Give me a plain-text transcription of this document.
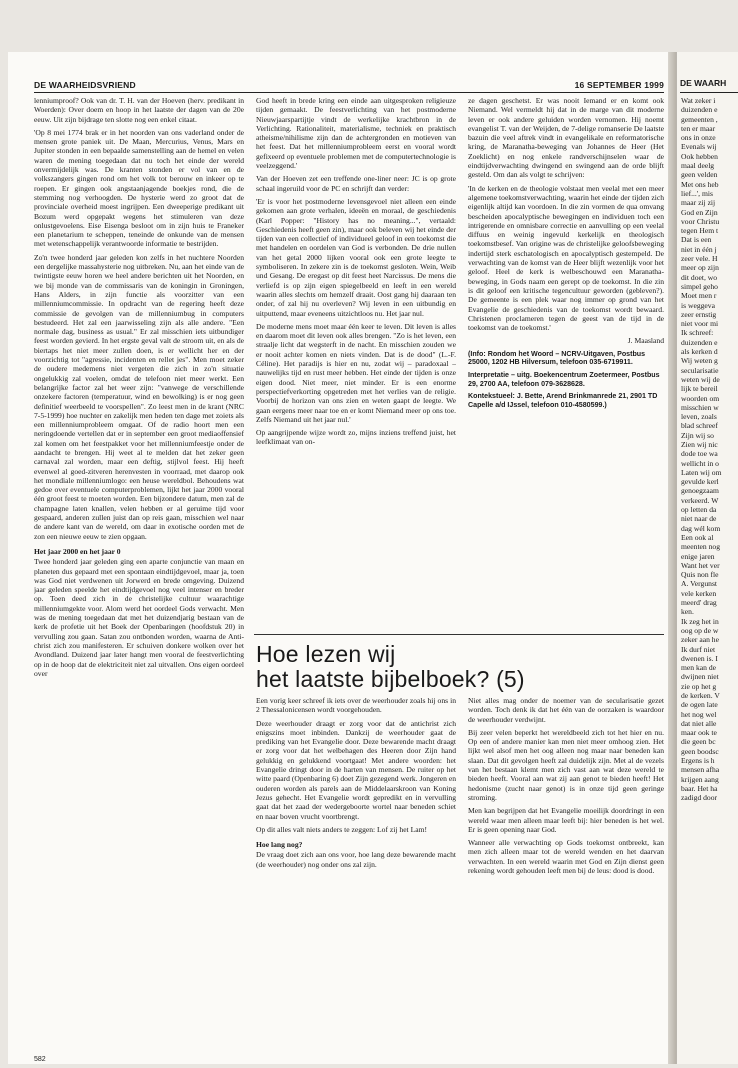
DE WAARHEIDSVRIEND	16 SEPTEMBER 1999

lenniumproof? Ook van dr. T. H. van der Hoeven (herv. predikant in Woerden): Over doem en hoop in het laatste der dagen van de 20e eeuw. Uit zijn bijdrage ten slotte nog een enkel citaat.

'Op 8 mei 1774 brak er in het noorden van ons vaderland onder de mensen grote paniek uit. De Maan, Mercurius, Venus, Mars en Jupiter stonden in een bepaalde samenstelling aan de hemel en velen waren de mening toegedaan dat nu toch het einde der wereld onvermijdelijk was. De kranten stonden er vol van en de volkszangers gingen rond om het volk tot berouw en inkeer op te roepen. Er gingen ook angstaanjagende boekjes rond, die de stemming nog verhoogden. De hysterie werd zo groot dat de provinciale overheid moest ingrijpen. Een dweeperige predikant uit Bozum werd opgepakt wegens het stimuleren van deze onlustgevoelens. Eise Eisenga besloot om in zijn huis te Franeker een planetarium te scheppen, teneinde de onkunde van de mensen met wetenschappelijk verantwoorde informatie te bestrijden.

Zo'n twee honderd jaar geleden kon zelfs in het nuchtere Noorden een dergelijke massahysterie nog uitbreken. Nu, aan het einde van de twintigste eeuw horen we heel andere berichten uit het Noorden, en we bij monde van de commissaris van de koningin in Groningen, Hans Alders, in zijn functie als voorzitter van een millenniumcommissie. In opdracht van de regering heeft deze commissie de gevolgen van de millenniumbug in computers bestudeerd. Het zal een jaarwisseling zijn als alle andere. "Een normale dag, business as usual." Er zal misschien iets uitbundiger feest worden gevierd. In het ergste geval valt de stroom uit, en als de biertaps het niet meer zullen doen, is er wellicht her en der voorzichtig tot "agressie, incidenten en rellet jes". Men moet zeker de oudere medemens niet vergeten die zich in zo'n situatie ongelukkig zal voelen, omdat de telefoon niet meer werkt. Een belangrijke factor zal het weer zijn: "vanwege de verschillende onzekere factoren (temperatuur, wind en bewolking) is er nog geen definitief weerbeeld te voorspellen". Zo leest men in de krant (NRC 7-5-1999) hoe nuchter en zakelijk men heden ten dage met zoiets als een millenniumprobleem omgaat. Of de radio hoort men een neringdoende vertellen dat er in september een groot mediaoffensief zal komen om het feestpakket voor het millenniumfeestje onder de aandacht te brengen. Hij weet al te melden dat het zeker geen carnaval zal worden, maar een deftig, stijlvol feest. Hij heeft evenwel al goed-zitveren herenvesten in voorraad, met daarop ook het mondiale millenniumlogo: een heuse wereldbol. Behoudens wat gedoe over eventuele computerproblemen, lijkt het jaar 2000 vooral één groot feest te moeten worden. Een bijzondere datum, men zal de champagne laten knallen, velen hebben er al geruime tijd voor gespaard, anderen zullen juist dan op reis gaan, misschien wel naar de andere kant van de wereld, om daar in exotische oorden met de zon een nieuwe eeuw te zien opgaan.

Het jaar 2000 en het jaar 0

Twee honderd jaar geleden ging een aparte conjunctie van maan en planeten dus gepaard met een spontaan eindtijdgevoel, maar ja, toen was God niet verdwenen uit Jorwerd en brede omgeving. Duizend jaar geleden speelde het eindtijdgevoel nog veel intenser en breder op. Toen deed zich in de christelijke cultuur waarachtige millenniumgekte voor. Alom werd het oordeel Gods verwacht. Men was de mening toegedaan dat met het duizendjarig bestaan van de kerk de profetie uit het Boek der Openbaringen (hoofdstuk 20) in vervulling zou gaan. Satan zou ontbonden worden, waarna de Anti-christ zich zou manifesteren. Er schuiven donkere wolken over het Avondland. Duizend jaar later hangt men vooral de feestverlichting op in de hoop dat de elektriciteit niet zal uitvallen. Ons eigen oordeel over

God heeft in brede kring een einde aan uitgesproken religieuze tijden gemaakt. De feestverlichting van het postmoderne Nieuwjaarspartijtje vindt de werkelijke krachtbron in de Verlichting. Rationaliteit, materialisme, techniek en praktisch atheisme/nihilisme zijn dan de achtergronden en motieven van het feest. Dat het millenniumprobleem eerst en vooral wordt gefixeerd op eventuele problemen met de computertechnologie is veelzeggend.'

Van der Hoeven zet een treffende one-liner neer: JC is op grote schaal ingeruild voor de PC en schrijft dan verder:

'Er is voor het postmoderne levensgevoel niet alleen een einde gekomen aan grote verhalen, ideeën en moraal, de geschiedenis (Karl Popper: "History has no meaning...", vertaald: Geschiedenis heeft geen zin), maar ook beleven wij het einde der tijden van een collectief of individueel geloof in een toekomst die met handelen en oordelen van God is verbonden. De drie nullen van het getal 2000 lijken vooral ook een grote leegte te symboliseren. In zekere zin is de toekomst gesloten. Wein, Weib und Gesang. De eregast op dit feest heet Narcissus. De mens die verliefd is op zijn eigen spiegelbeeld en leeft in een wereld waarin alles slechts om hemzelf draait. Oost gang hij daaraan ten onder, of zal hij nu overleven? Wij leven in een uitbundig en uitputtend, maar eveneens uitzichtloos nu. Het jaar nul.

De moderne mens moet maar één keer te leven. Dit leven is alles en daarom moet dit leven ook alles brengen. "Zo is het leven, een straalje licht dat wegsterft in de nacht. En misschien zouden we er nooit achter komen en niets vinden. Dat is de dood" (L.-F. Céline). Het paradijs is hier en nu, zodat wij – paradoxaal – nauwelijks tijd en rust meer hebben. Het einde der tijden is onze eigen dood. Niet meer, niet minder. Er is een enorme perspectiefverkorting opgetreden met het verlies van de religie. Voorbij de horizon van ons zien en weten gaapt de leegte. We gaan eergens meer naar toe en er komt Niemand meer op ons toe. Zelfs Niemand uit het jaar nul.'

Op aangrijpende wijze wordt zo, mijns inziens treffend juist, het leefklimaat van on-

ze dagen geschetst. Er was nooit Iemand er en komt ook Niemand. Wel vermeldt hij dat in de marge van dit moderne leven er ook andere geluiden worden vernomen. Hij noemt evangelist T. van der Weijden, de 7-delige romanserie De laatste bazuin die veel aftrek vindt in evangelikale en reformatorische kring, de Maranatha-beweging van Johannes de Heer (Het Zoeklicht) en nog enkele randverschijnselen waar de eindtijdverwachting dwingend en swingend aan de orde blijft gesteld. Om dan als volgt te schrijven:

'In de kerken en de theologie volstaat men veelal met een meer algemene toekomstverwachting, waarin het einde der tijden zich eigenlijk altijd kan voordoen. In die zin vormen de qua omvang bescheiden apocalyptische bewegingen en individuen toch een intrigerende en omnisbare correctie en aanvulling op een veelal diffuus en weinig ingevuld kerkelijk en theologisch toekomstbesef. Van origine was de christelijke geloofsbeweging indertijd sterk eschatologisch en apocalyptisch gestempeld. De verwachting van de komst van de Heer blijft wezenlijk voor het geloof. Heel de kerk is welbeschouwd een Maranatha-beweging, in Gods naam een gerept op de toekomst. In die zin is dit geloof een kritische tegencultuur geworden (gebleven?). De gemeente is een plek waar nog immer op grond van het Evangelie de geschiedenis van de toekomst wordt bewaard. Christenen proclameren tegen de geest van de tijd in de toekomst van de toekomst.'

J. Maasland

(Info: Rondom het Woord – NCRV-Uitgaven, Postbus 25000, 1202 HB Hilversum, telefoon 035-6719911.

Interpretatie – uitg. Boekencentrum Zoetermeer, Postbus 29, 2700 AA, telefoon 079-3628628.

Kontekstueel: J. Bette, Arend Brinkmanrede 21, 2901 TD Capelle a/d IJssel, telefoon 010-4580599.)

Hoe lezen wij
het laatste bijbelboek? (5)

Een vorig keer schreef ik iets over de weerhouder zoals hij ons in 2 Thessalonicensen wordt voorgehouden.

Deze weerhouder draagt er zorg voor dat de antichrist zich enigszins moet inbinden. Dankzij de weerhouder gaat de prediking van het Evangelie door. Deze bewarende macht draagt er zorg voor dat het welbehagen des Heeren door Zijn hand gelukkig en gelukkend voortgaat! Met andere woorden: het Evangelie dringt door in de harten van mensen. De ruiter op het witte paard (Openbaring 6) doet Zijn gezegend werk. Jongeren en ouderen worden als parels aan de Middelaarskroon van Koning Jezus gehecht. Het Evangelie wordt gepredikt en in vervulling gaat dat het zaad der wedergeboorte wortel naar beneden schiet en naar boven vrucht voortbrengt.

Op dit alles valt niets anders te zeggen: Lof zij het Lam!

Hoe lang nog?

De vraag doet zich aan ons voor, hoe lang deze bewarende macht (de weerhouder) nog onder ons zal zijn.

Niet alles mag onder de noemer van de secularisatie gezet worden. Toch denk ik dat het één van de oorzaken is waardoor de weerhouder verdwijnt.

Bij zeer velen beperkt het wereldbeeld zich tot het hier en nu. Op een of andere manier kan men niet meer omhoog zien. Het lijkt wel alsof men het oog alleen nog maar naar beneden kan slaan. Dat dit gevolgen heeft zal duidelijk zijn. Met al de vezels van het bestaan klemt men zich vast aan wat deze wereld te bieden heeft. Vooral aan wat zij aan genot te bieden heeft! Het hedonisme (zucht naar genot) is in onze tijd geen geringe stroming.

Men kan begrijpen dat het Evangelie moeilijk doordringt in een wereld waar men alleen maar leeft bij: hier beneden is het wel. Er is geen opening naar God.

Wanneer alle verwachting op Gods toekomst ontbreekt, kan men zich alleen maar tot de wereld wenden en het daarvan verwachten. In een wereld waarin met God en Zijn dienst geen rekening wordt gehouden leeft men bij de leus: dood is dood.

582
DE WAARH
Wat zeker i
duizenden e
gemeenten ,
ten er maar
ons in onze
Evenals wij
Ook hebben
maal deelg
geen velden
Met ons heb
lief...', mis
maar zij zij
God en Zijn
voor Christu
tegen Hem t
Dat is een
niet in één j
zeer vele. H
meer op zijn
dit doet, wo
simpel geho
Moet men r
is weggeva
zeer ernstig
niet voor mi
Ik schreef:
duizenden e
als kerken d
Wij weten g
secularisatie
weten wij de
lijk te bereil
woorden om
misschien w
leven, zoals
blad schreef
Zijn wij so
Zien wij nic
dode toe wa
wellicht in o
Laten wij om
gevulde kerl
genoegzaam
verkeerd. W
op letten da
niet naar de
dag wél kom
Een ook al
meenten nog
enige jaren
Want het ver
Quis non fle
A. Vergunst
vele kerken
meerd' drag
ken.
Ik zeg het in
oog op de w
zeker aan he
Ik durf niet
dwenen is. I
men kan de
dwijnen niet
zie op het g
de kerken. V
de ogen late
het nog wel
dat niet alle
maar ook te
die geen bc
geen boodsc
Ergens is h
mensen afha
krijgen aang
baar. Het ha
zadigd door
